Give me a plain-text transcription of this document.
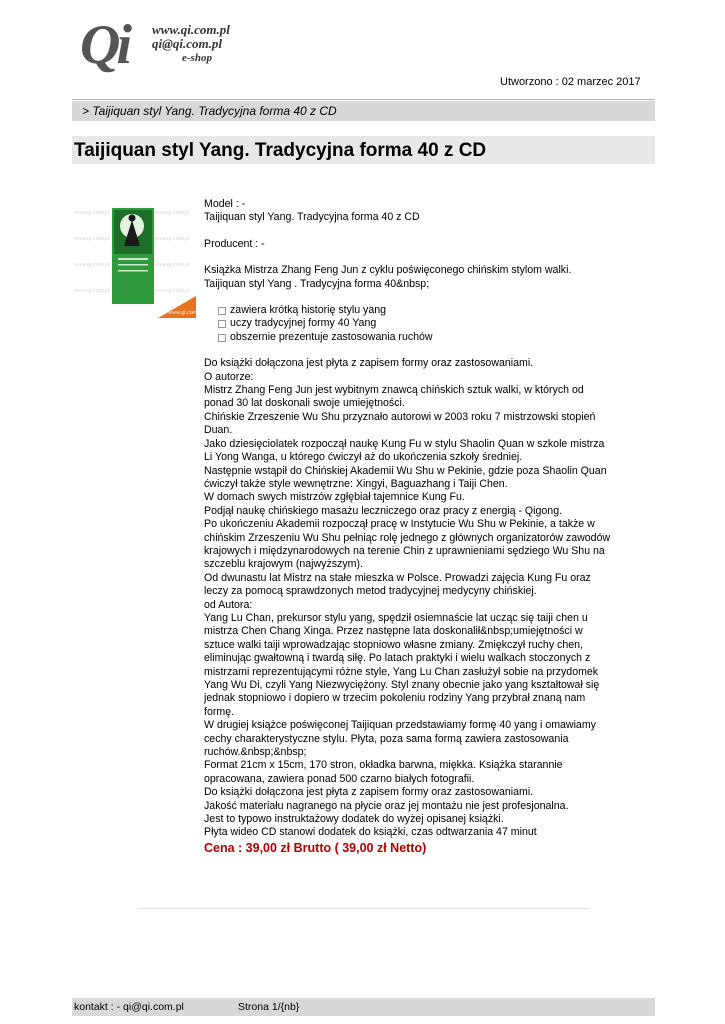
Qi www.qi.com.pl
qi@qi.com.pl
e-shop
Utworzono : 02 marzec 2017
> Taijiquan styl Yang. Tradycyjna forma 40 z CD
Taijiquan styl Yang. Tradycyjna forma 40 z CD
www.qi.com.pl	www.qi.com.pl
www.qi.com.pl	www.qi.com.pl
www.qi.com.pl	www.qi.com.pl
www.qi.com.pl	www.qi.com.pl
www.qi.com.pl

Model : -

Taijiquan styl Yang. Tradycyjna forma 40 z CD

Producent : -

Książka Mistrza Zhang Feng Jun z cyklu poświęconego chińskim stylom walki.

Taijiquan styl Yang . Tradycyjna forma 40&nbsp;

zawiera krótką historię stylu yang
uczy tradycyjnej formy 40 Yang
obszernie prezentuje zastosowania ruchów

Do książki dołączona jest płyta z zapisem formy oraz zastosowaniami.

O autorze:

Mistrz Zhang Feng Jun jest wybitnym znawcą chińskich sztuk walki, w których od ponad 30 lat doskonali swoje umiejętności.

Chińskie Zrzeszenie Wu Shu przyznało autorowi w 2003 roku 7 mistrzowski stopień Duan.

Jako dziesięciolatek rozpoczął naukę Kung Fu w stylu Shaolin Quan w szkole mistrza Li Yong Wanga, u którego ćwiczył aż do ukończenia szkoły średniej.

Następnie wstąpił do Chińskiej Akademii Wu Shu w Pekinie, gdzie poza Shaolin Quan ćwiczył także style wewnętrzne: Xingyi, Baguazhang i Taiji Chen.

W domach swych mistrzów zgłębiał tajemnice Kung Fu.

Podjął naukę chińskiego masażu leczniczego oraz pracy z energią - Qigong.

Po ukończeniu Akademii rozpoczął pracę w Instytucie Wu Shu w Pekinie, a także w chińskim Zrzeszeniu Wu Shu pełniąc rolę jednego z głównych organizatorów zawodów krajowych i międzynarodowych na terenie Chin z uprawnieniami sędziego Wu Shu na szczeblu krajowym (najwyższym).

Od dwunastu lat Mistrz na stałe mieszka w Polsce. Prowadzi zajęcia Kung Fu oraz leczy za pomocą sprawdzonych metod tradycyjnej medycyny chińskiej.

od Autora:

Yang Lu Chan, prekursor stylu yang, spędził osiemnaście lat ucząc się taiji chen u mistrza Chen Chang Xinga. Przez następne lata doskonalił&nbsp;umiejętności w sztuce walki taiji wprowadzając stopniowo własne zmiany. Zmiękczył ruchy chen, eliminując gwałtowną i twardą siłę. Po latach praktyki i wielu walkach stoczonych z mistrzami reprezentującymi różne style, Yang Lu Chan zasłużył sobie na przydomek Yang Wu Di, czyli Yang Niezwyciężony. Styl znany obecnie jako yang kształtował się jednak stopniowo i dopiero w trzecim pokoleniu rodziny Yang przybrał znaną nam formę.

W drugiej książce poświęconej Taijiquan przedstawiamy formę 40 yang i omawiamy cechy charakterystyczne stylu. Płyta, poza sama formą zawiera zastosowania ruchów.&nbsp;&nbsp;

Format 21cm x 15cm, 170 stron, okładka barwna, miękka. Książka starannie opracowana, zawiera ponad 500 czarno białych fotografii.

Do książki dołączona jest płyta z zapisem formy oraz zastosowaniami.

Jakość materiału nagranego na płycie oraz jej montażu nie jest profesjonalna.

Jest to typowo instruktażowy dodatek do wyżej opisanej książki.

Płyta wideo CD stanowi dodatek do książki, czas odtwarzania 47 minut

Cena : 39,00 zł Brutto ( 39,00 zł Netto)

kontakt : - qi@qi.com.pl	Strona 1/{nb}
